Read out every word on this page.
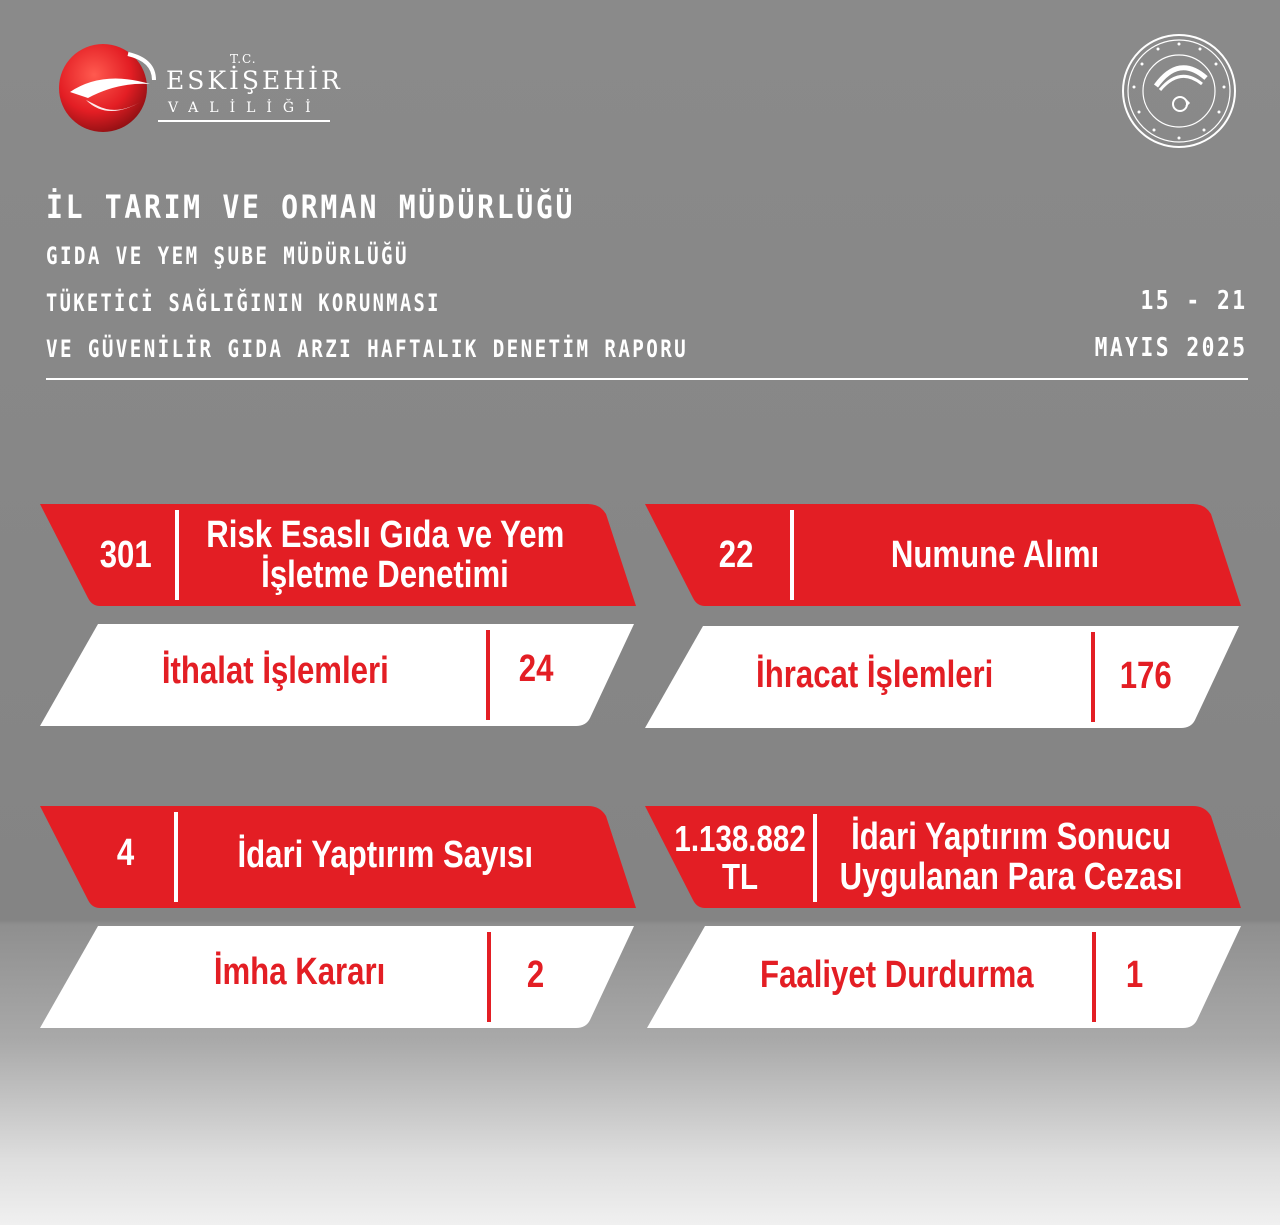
T.C.
ESKİŞEHİR
VALİLİĞİ
İL TARIM VE ORMAN MÜDÜRLÜĞÜ
GIDA VE YEM ŞUBE MÜDÜRLÜĞÜ
TÜKETİCİ SAĞLIĞININ KORUNMASI
VE GÜVENİLİR GIDA ARZI HAFTALIK DENETİM RAPORU
15 - 21
MAYIS 2025
301 Risk Esaslı Gıda ve Yem
İşletme Denetimi	22	Numune Alımı
İthalat İşlemleri	24	İhracat İşlemleri	176
4	İdari Yaptırım Sayısı	1.138.882
TL
İdari Yaptırım Sonucu
Uygulanan Para Cezası
İmha Kararı	2	Faaliyet Durdurma 1
